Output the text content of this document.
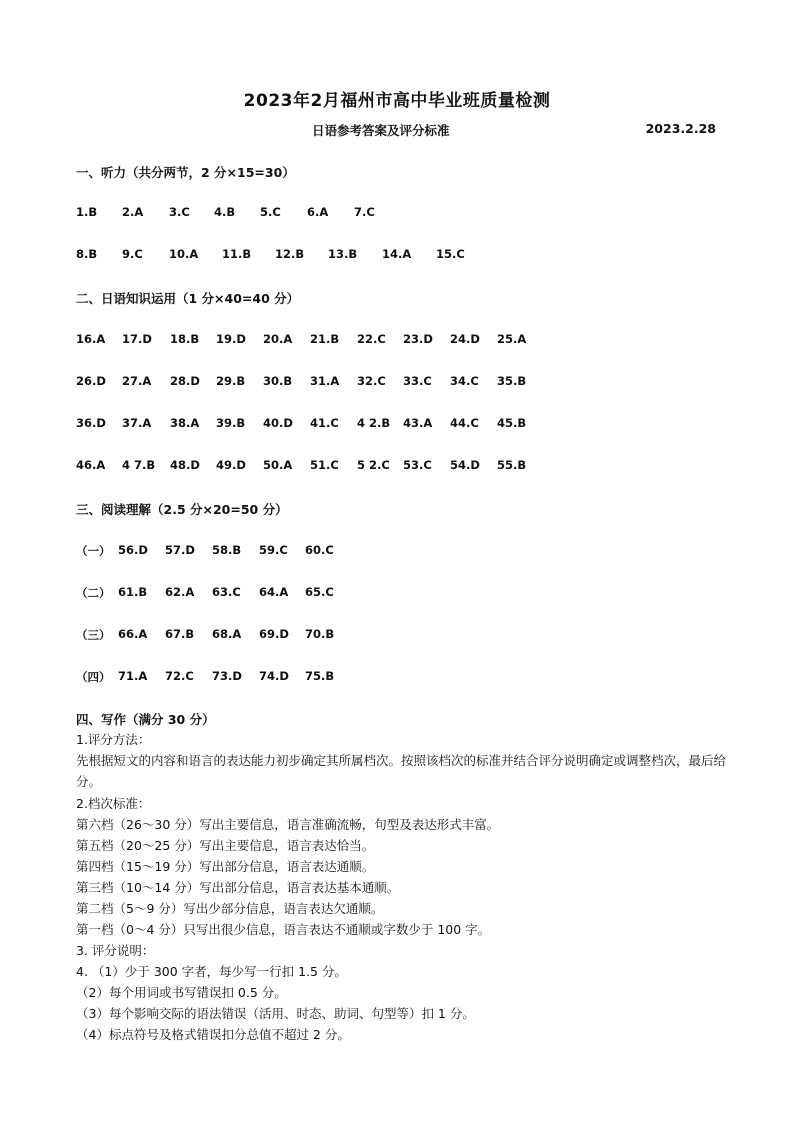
2023年2月福州市高中毕业班质量检测
日语参考答案及评分标准	2023.2.28
一、听力（共分两节，2 分×15=30）
1.B 2.A 3.C 4.B 5.C 6.A 7.C
8.B 9.C 10.A 11.B 12.B 13.B 14.A 15.C
二、日语知识运用（1 分×40=40 分）
16.A 17.D 18.B 19.D 20.A 21.B 22.C 23.D 24.D 25.A
26.D 27.A 28.D 29.B 30.B 31.A 32.C 33.C 34.C 35.B
36.D 37.A 38.A 39.B 40.D 41.C 4 2.B 43.A 44.C 45.B
46.A 4 7.B 48.D 49.D 50.A 51.C 5 2.C 53.C 54.D 55.B
三、阅读理解（2.5 分×20=50 分）
（一） 56.D 57.D 58.B 59.C 60.C
（二） 61.B 62.A 63.C 64.A 65.C
（三） 66.A 67.B 68.A 69.D 70.B
（四） 71.A 72.C 73.D 74.D 75.B
四、写作（满分 30 分）
1.评分方法：
先根据短文的内容和语言的表达能力初步确定其所属档次。按照该档次的标准并结合评分说明确定或调整档次，最后给分。
2.档次标准：
第六档（26～30 分）写出主要信息，语言准确流畅，句型及表达形式丰富。
第五档（20～25 分）写出主要信息，语言表达恰当。
第四档（15～19 分）写出部分信息，语言表达通顺。
第三档（10～14 分）写出部分信息，语言表达基本通顺。
第二档（5～9 分）写出少部分信息，语言表达欠通顺。
第一档（0～4 分）只写出很少信息，语言表达不通顺或字数少于 100 字。
3. 评分说明：
4. （1）少于 300 字者，每少写一行扣 1.5 分。
（2）每个用词或书写错误扣 0.5 分。
（3）每个影响交际的语法错误（活用、时态、助词、句型等）扣 1 分。
（4）标点符号及格式错误扣分总值不超过 2 分。
